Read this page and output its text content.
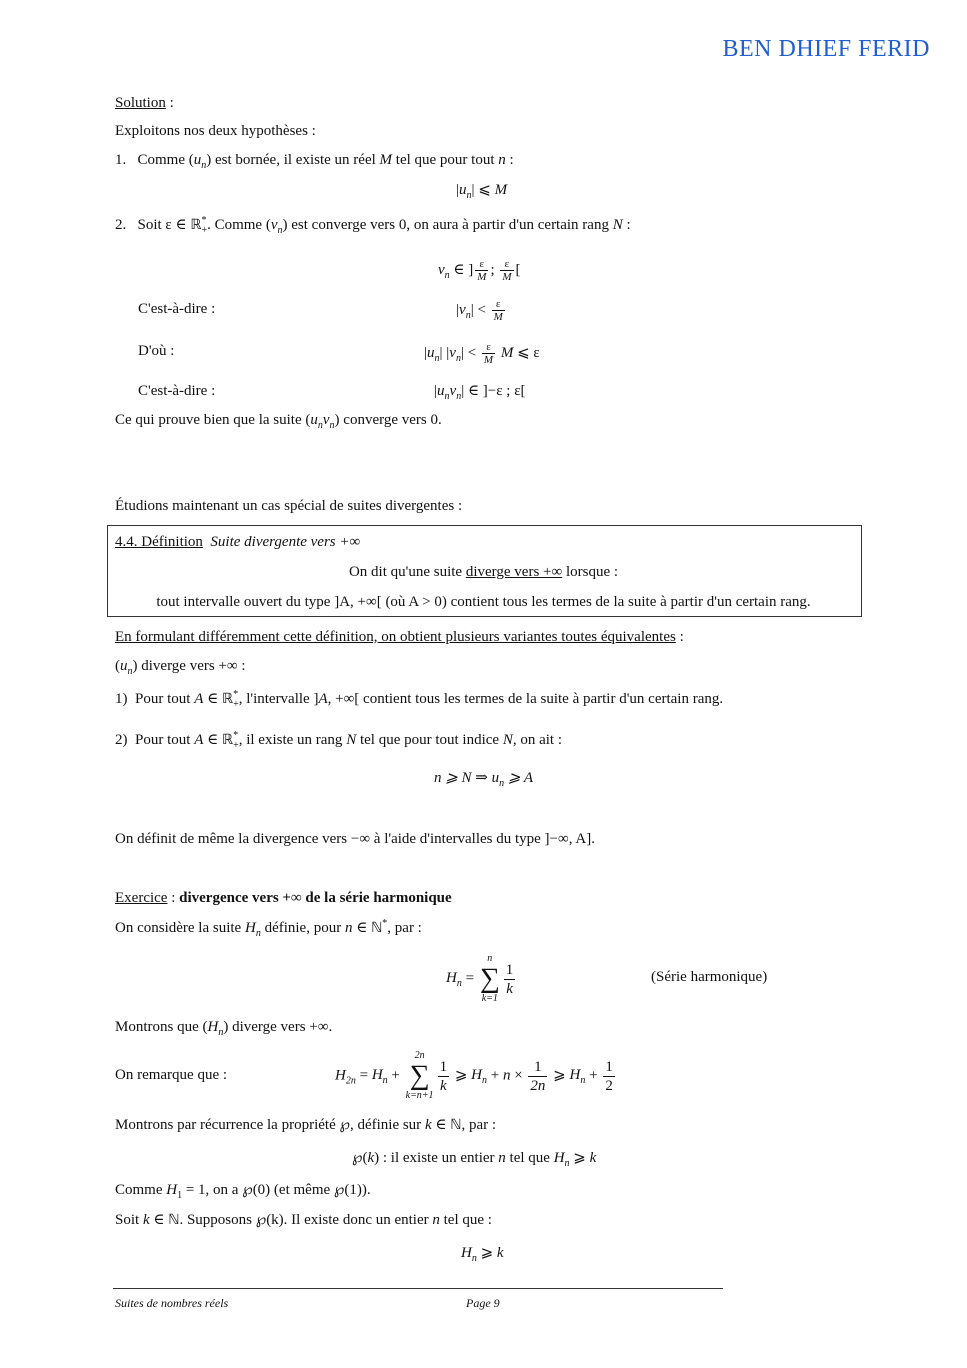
BEN DHIEF FERID
Solution :
Exploitons nos deux hypothèses :
1. Comme $(u_n)$ est bornée, il existe un réel M tel que pour tout n :
$|u_n|$ ⩽ M
2. Soit ε ∈ ℝ*$_+$. Comme $(v_n)$ est converge vers 0, on aura à partir d'un certain rang N :
$v_n$ ∈ ] $\frac{\varepsilon}{M}$ ; $\frac{\varepsilon}{M}$ [
C'est-à-dire :	$|v_n| < \frac{\varepsilon}{M}$
D'où :	$|u_n|$ $|v_n| < \frac{\varepsilon}{M}$ M ⩽ ε
C'est-à-dire :	$|u_nv_n|$ ∈ ]−ε ; ε[
Ce qui prouve bien que la suite $(u_nv_n)$ converge vers 0.
Étudions maintenant un cas spécial de suites divergentes :
4.4. Définition Suite divergente vers +∞
On dit qu'une suite diverge vers +∞ lorsque :
tout intervalle ouvert du type ]A, +∞[ (où A > 0) contient tous les termes de la suite à partir d'un certain rang.
En formulant différemment cette définition, on obtient plusieurs variantes toutes équivalentes :
$(u_n)$ diverge vers +∞ :
1) Pour tout A ∈ ℝ*$_+$, l'intervalle ]A, +∞[ contient tous les termes de la suite à partir d'un certain rang.
2) Pour tout A ∈ ℝ*$_+$, il existe un rang N tel que pour tout indice N, on ait :
n ⩾ N ⇒ $u_n$ ⩾ A
On définit de même la divergence vers −∞ à l'aide d'intervalles du type ]−∞, A].
Exercice : divergence vers +∞ de la série harmonique
On considère la suite $H_n$ définie, pour n ∈ ℕ*, par :
$H_n$ =
n
∑
k=1
$\frac{1}{k}$	(Série harmonique)
Montrons que $(H_n)$ diverge vers +∞.
On remarque que :	$H_{2n} = H_n$ +
2n
∑
k=n+1
$\frac{1}{k}$ ⩾ $H_n + n \times \frac{1}{2n}$ ⩾ $H_n + \frac{1}{2}$
Montrons par récurrence la propriété ℘, définie sur k ∈ ℕ, par :
℘(k) : il existe un entier n tel que $H_n$ ⩾ k
Comme $H_1 = 1$, on a ℘(0) (et même ℘(1)).
Soit k ∈ ℕ. Supposons ℘(k). Il existe donc un entier n tel que :
$H_n$ ⩾ k
Suites de nombres réels	Page 9
